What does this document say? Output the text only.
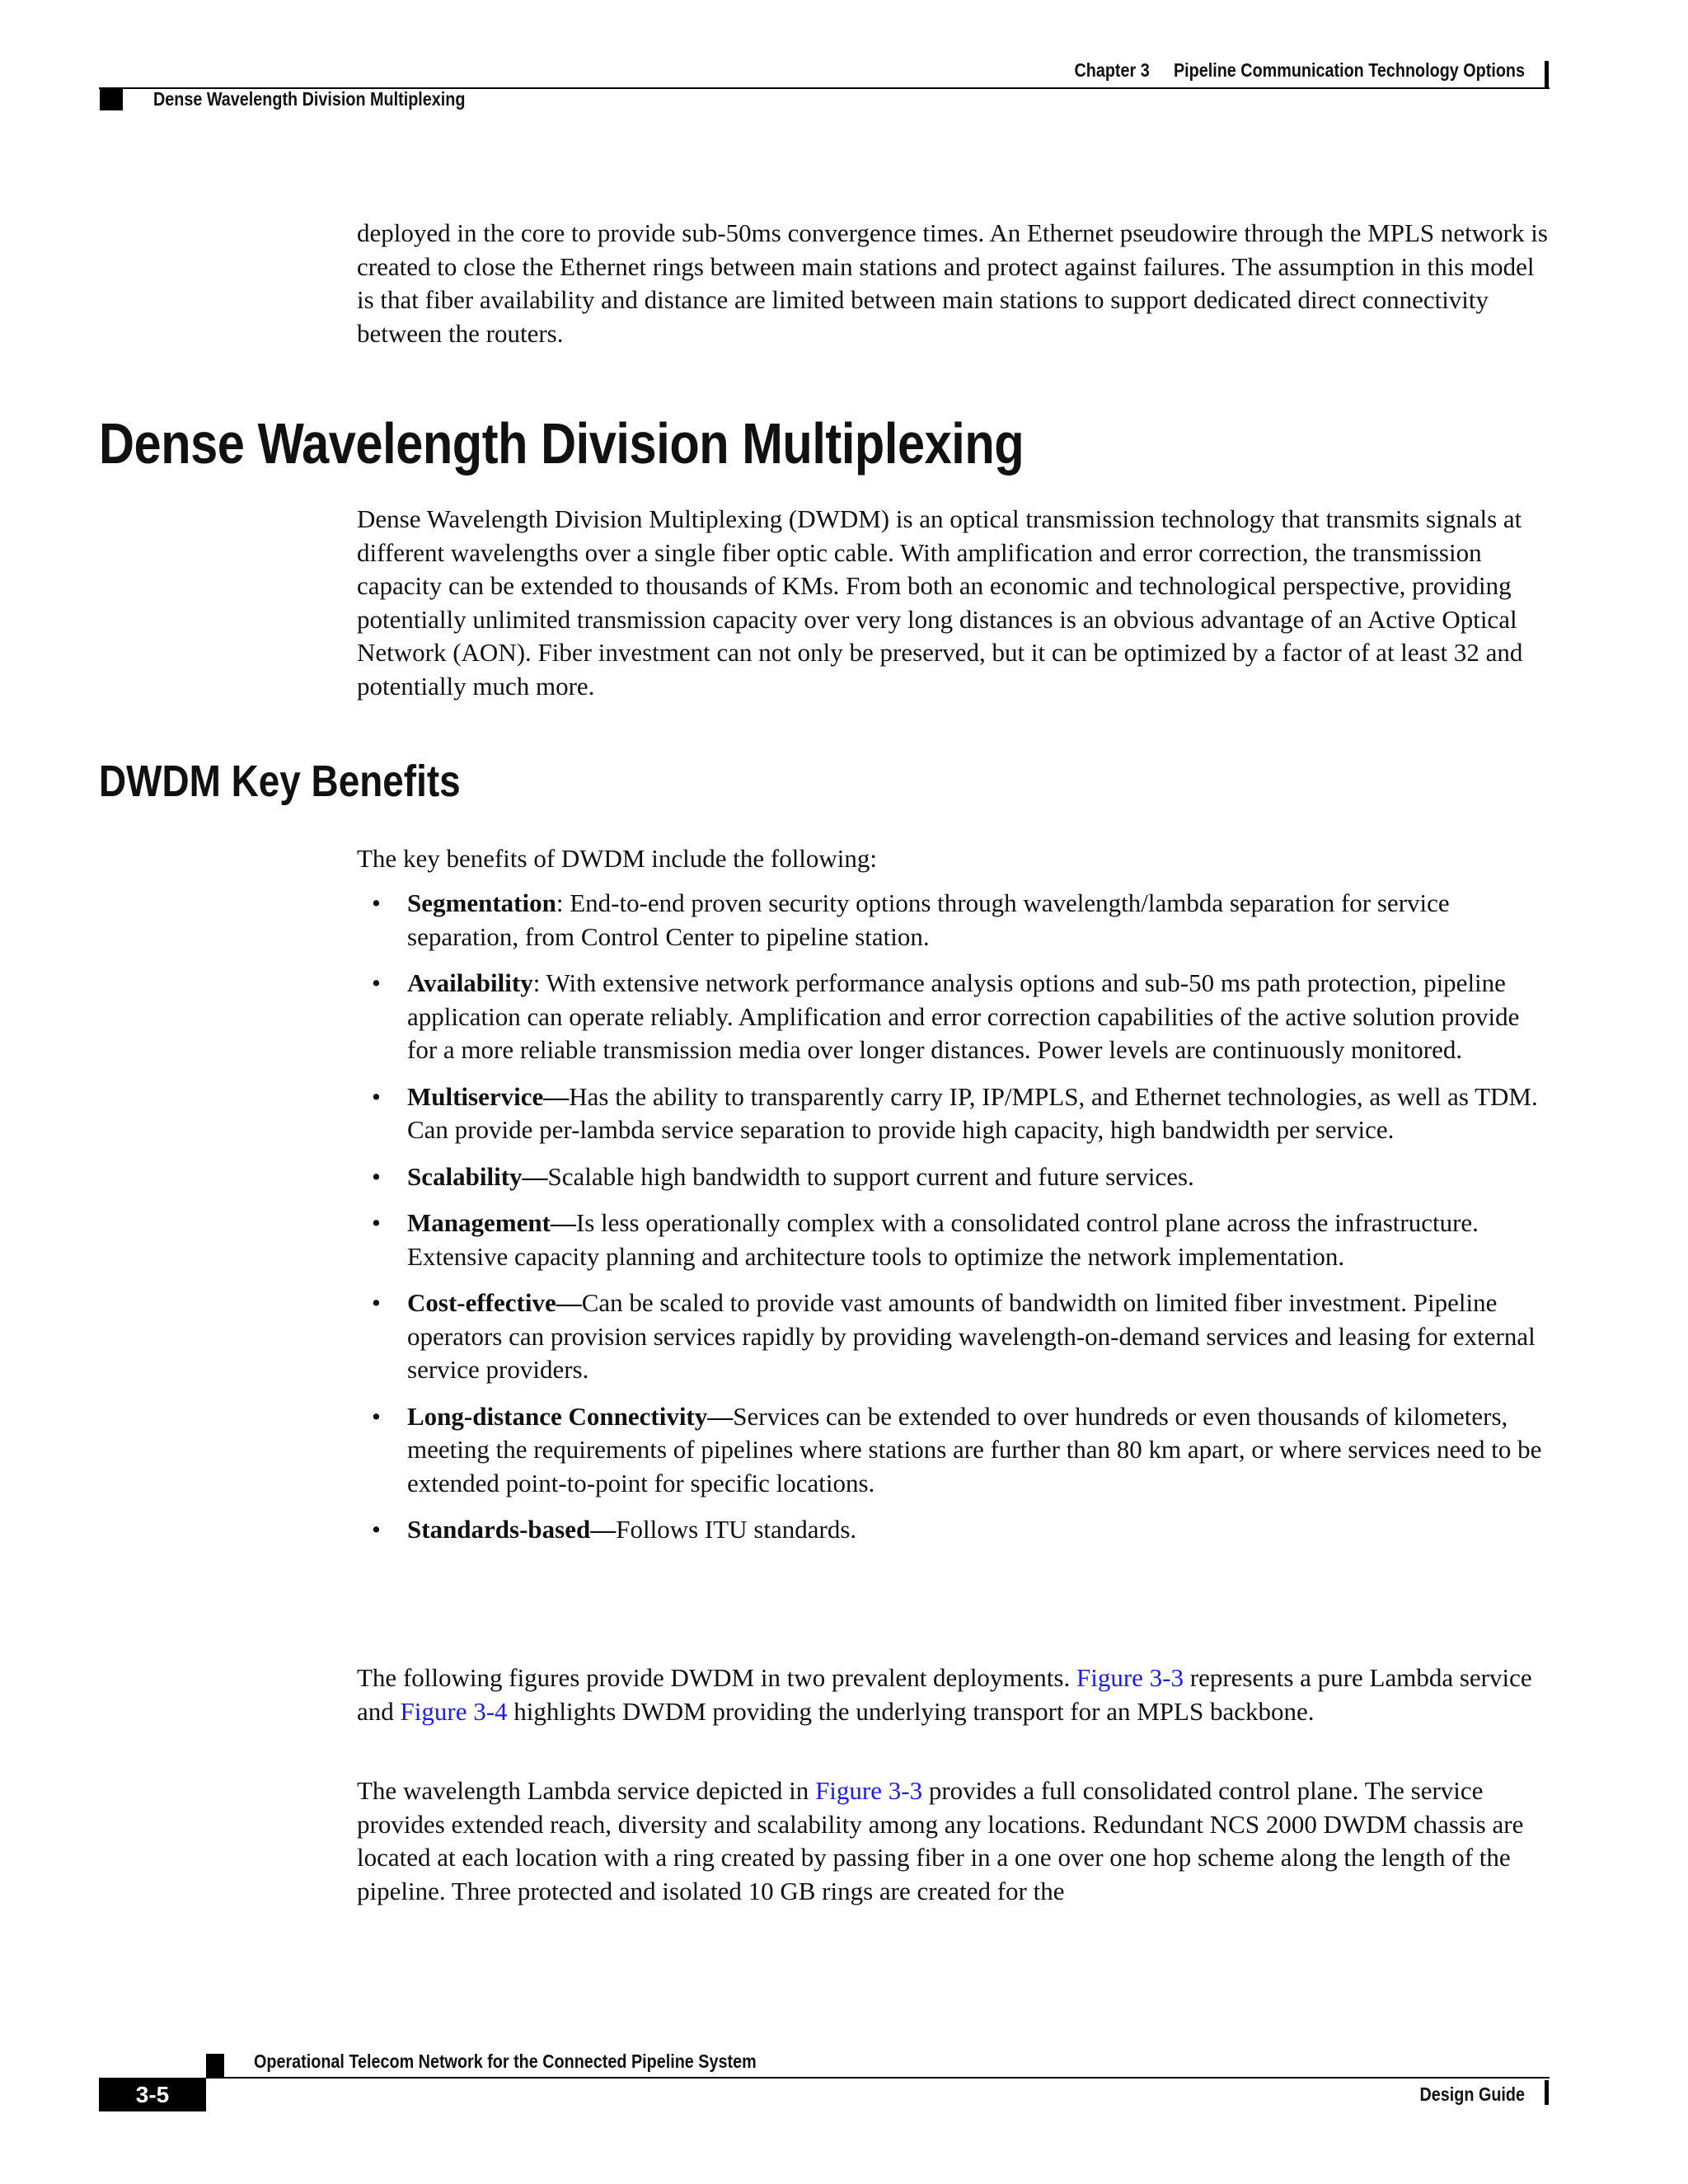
Chapter 3 Pipeline Communication Technology Options
Dense Wavelength Division Multiplexing

deployed in the core to provide sub-50ms convergence times. An Ethernet pseudowire through the MPLS network is created to close the Ethernet rings between main stations and protect against failures. The assumption in this model is that fiber availability and distance are limited between main stations to support dedicated direct connectivity between the routers.

Dense Wavelength Division Multiplexing

Dense Wavelength Division Multiplexing (DWDM) is an optical transmission technology that transmits signals at different wavelengths over a single fiber optic cable. With amplification and error correction, the transmission capacity can be extended to thousands of KMs. From both an economic and technological perspective, providing potentially unlimited transmission capacity over very long distances is an obvious advantage of an Active Optical Network (AON). Fiber investment can not only be preserved, but it can be optimized by a factor of at least 32 and potentially much more.

DWDM Key Benefits

The key benefits of DWDM include the following:

• Segmentation: End-to-end proven security options through wavelength/lambda separation for service separation, from Control Center to pipeline station.
• Availability: With extensive network performance analysis options and sub-50 ms path protection, pipeline application can operate reliably. Amplification and error correction capabilities of the active solution provide for a more reliable transmission media over longer distances. Power levels are continuously monitored.
• Multiservice—Has the ability to transparently carry IP, IP/MPLS, and Ethernet technologies, as well as TDM. Can provide per-lambda service separation to provide high capacity, high bandwidth per service.
• Scalability—Scalable high bandwidth to support current and future services.
• Management—Is less operationally complex with a consolidated control plane across the infrastructure. Extensive capacity planning and architecture tools to optimize the network implementation.
• Cost-effective—Can be scaled to provide vast amounts of bandwidth on limited fiber investment. Pipeline operators can provision services rapidly by providing wavelength-on-demand services and leasing for external service providers.
• Long-distance Connectivity—Services can be extended to over hundreds or even thousands of kilometers, meeting the requirements of pipelines where stations are further than 80 km apart, or where services need to be extended point-to-point for specific locations.
• Standards-based—Follows ITU standards.

The following figures provide DWDM in two prevalent deployments. Figure 3-3 represents a pure Lambda service and Figure 3-4 highlights DWDM providing the underlying transport for an MPLS backbone.

The wavelength Lambda service depicted in Figure 3-3 provides a full consolidated control plane. The service provides extended reach, diversity and scalability among any locations. Redundant NCS 2000 DWDM chassis are located at each location with a ring created by passing fiber in a one over one hop scheme along the length of the pipeline. Three protected and isolated 10 GB rings are created for the

Operational Telecom Network for the Connected Pipeline System
3-5	Design Guide
